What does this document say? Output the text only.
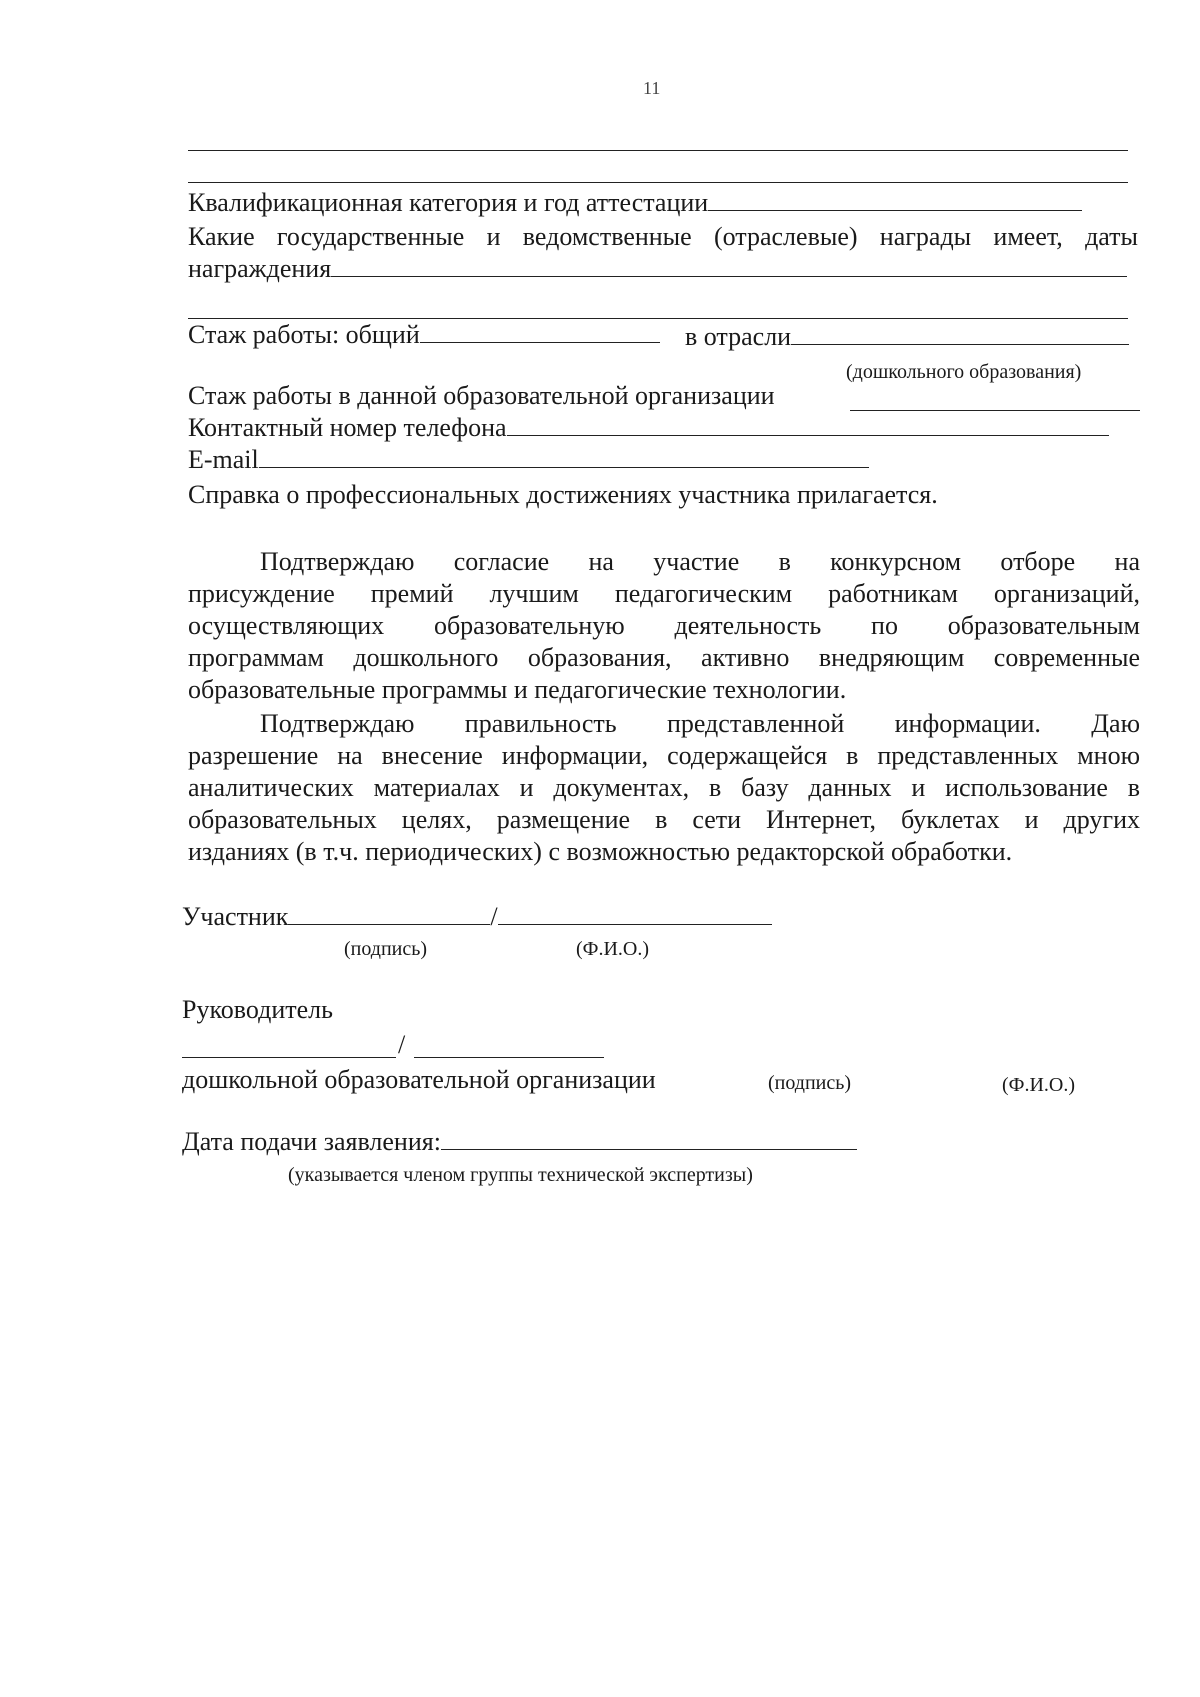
11
Квалификационная категория и год аттестации

Какие государственные и ведомственные (отраслевые) награды имеет, даты

награждения
Стаж работы: общий	в отрасли
(дошкольного образования)
Стаж работы в данной образовательной организации
Контактный номер телефона
E-mail
Справка о профессиональных достижениях участника прилагается.

Подтверждаю согласие на участие в конкурсном отборе на

присуждение премий лучшим педагогическим работникам организаций,

осуществляющих образовательную деятельность по образовательным

программам дошкольного образования, активно внедряющим современные

образовательные программы и педагогические технологии.

Подтверждаю правильность представленной информации. Даю

разрешение на внесение информации, содержащейся в представленных мною

аналитических материалах и документах, в базу данных и использование в

образовательных целях, размещение в сети Интернет, буклетах и других

изданиях (в т.ч. периодических) с возможностью редакторской обработки.

Участник	/
(подпись)	(Ф.И.О.)
Руководитель
/
дошкольной образовательной организации	(подпись)	(Ф.И.О.)
Дата подачи заявления:
(указывается членом группы технической экспертизы)
